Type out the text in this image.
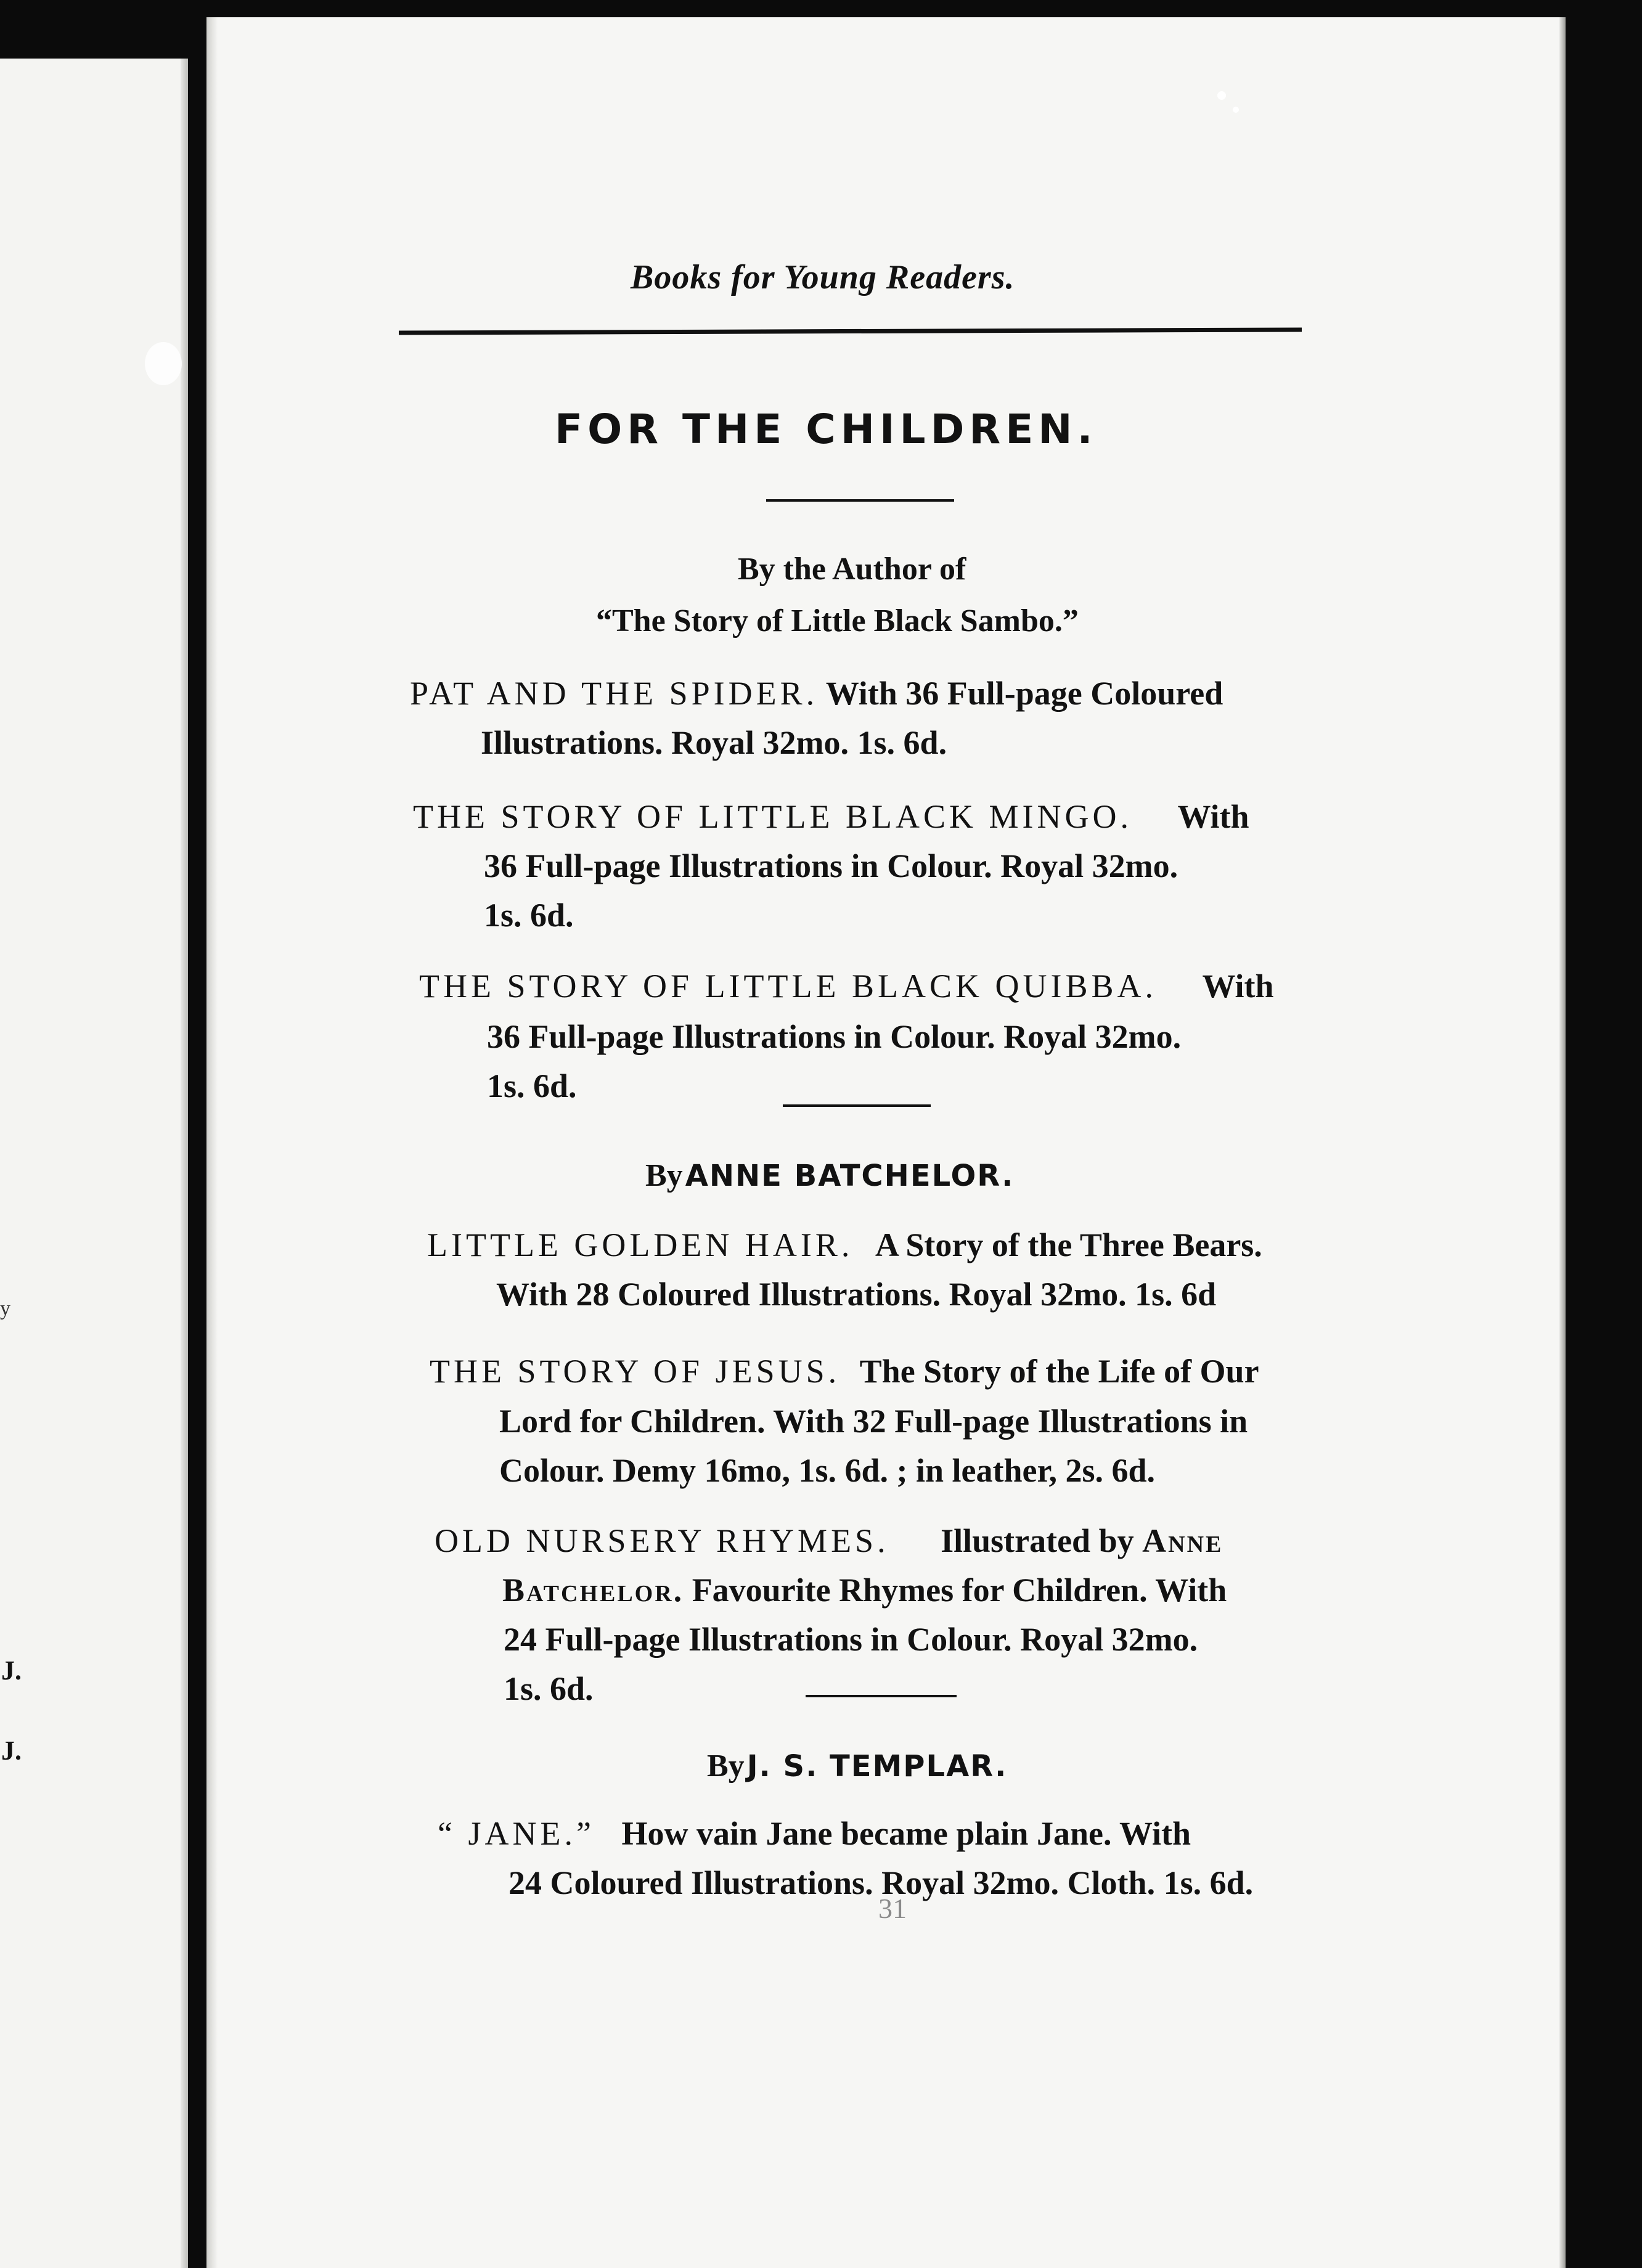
y
J.
J.
Books for Young Readers.
FOR THE CHILDREN.
By the Author of
“The Story of Little Black Sambo.”
PAT AND THE SPIDER. With 36 Full-page Coloured
Illustrations. Royal 32mo. 1s. 6d.
THE STORY OF LITTLE BLACK MINGO. With
36 Full-page Illustrations in Colour. Royal 32mo.
1s. 6d.
THE STORY OF LITTLE BLACK QUIBBA. With
36 Full-page Illustrations in Colour. Royal 32mo.
1s. 6d.
By ANNE BATCHELOR.
LITTLE GOLDEN HAIR. A Story of the Three Bears.
With 28 Coloured Illustrations. Royal 32mo. 1s. 6d
THE STORY OF JESUS. The Story of the Life of Our
Lord for Children. With 32 Full-page Illustrations in
Colour. Demy 16mo, 1s. 6d. ; in leather, 2s. 6d.
OLD NURSERY RHYMES. Illustrated by Anne
Batchelor. Favourite Rhymes for Children. With
24 Full-page Illustrations in Colour. Royal 32mo.
1s. 6d.
By J. S. TEMPLAR.
“ JANE.” How vain Jane became plain Jane. With
24 Coloured Illustrations. Royal 32mo. Cloth. 1s. 6d.
31
